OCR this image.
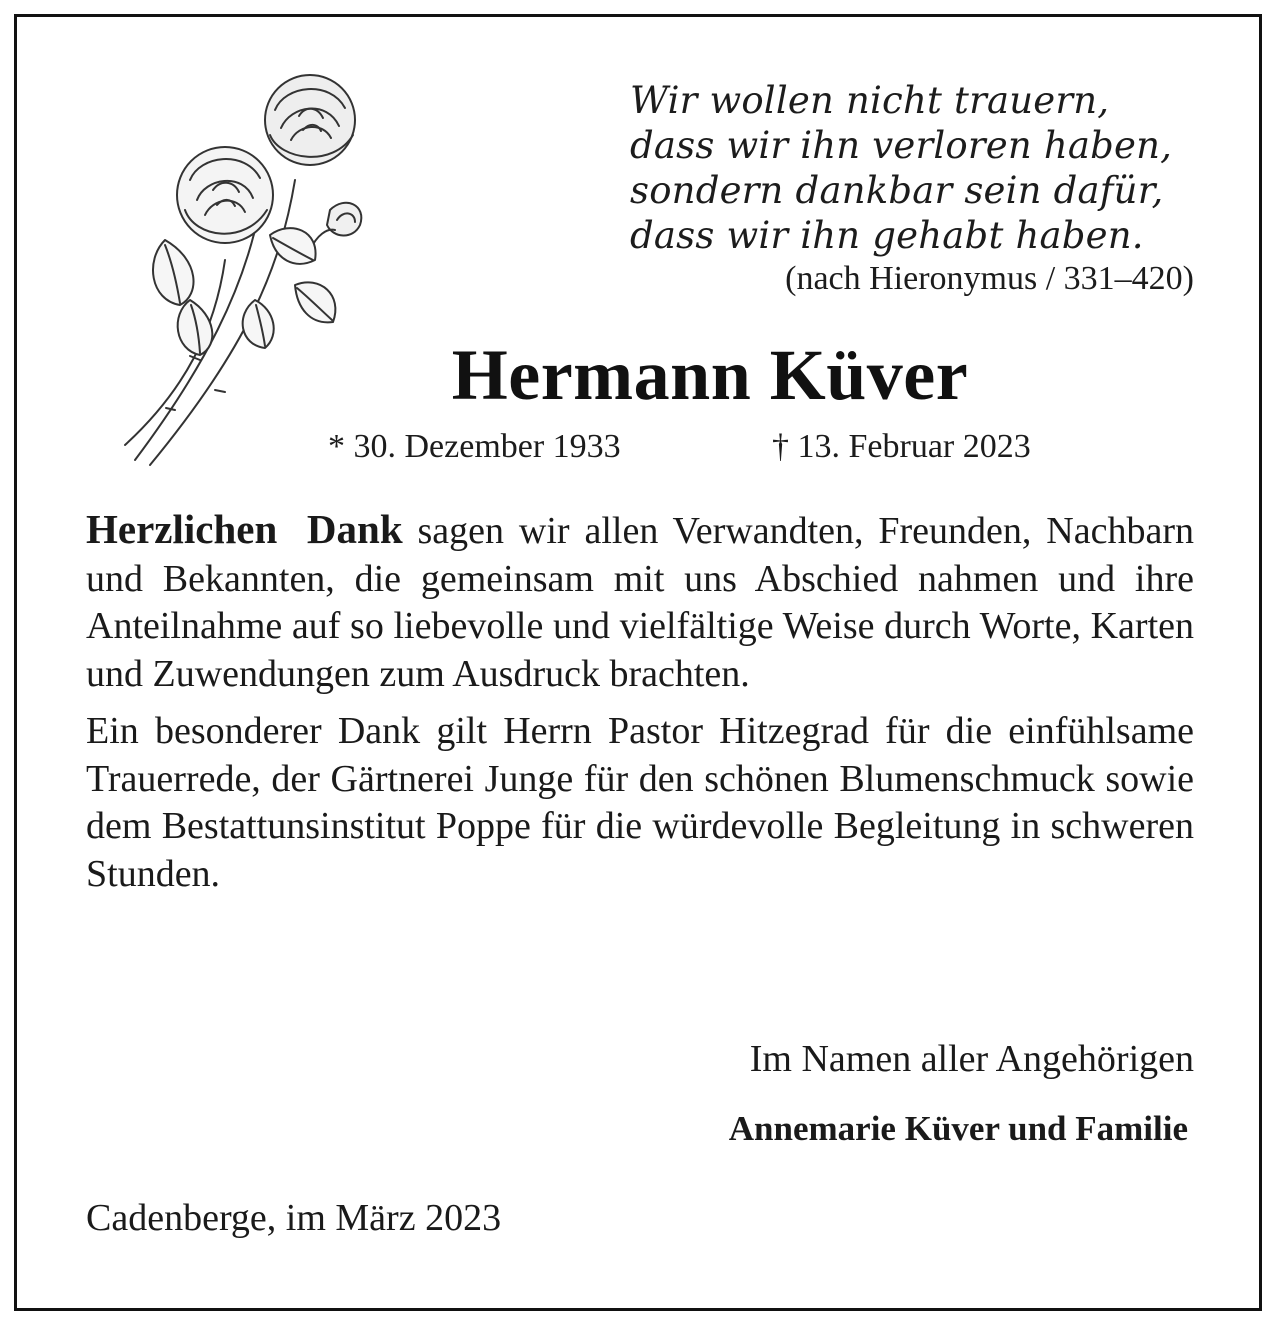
Wir wollen nicht trauern,
dass wir ihn verloren haben,
sondern dankbar sein dafür,
dass wir ihn gehabt haben.
(nach Hieronymus / 331–420)
Hermann Küver
* 30. Dezember 1933	† 13. Februar 2023

Herzlichen Dank sagen wir allen Verwandten, Freunden, Nachbarn und Bekannten, die gemeinsam mit uns Abschied nahmen und ihre Anteilnahme auf so liebevolle und vielfältige Weise durch Worte, Karten und Zuwendungen zum Ausdruck brachten.

Ein besonderer Dank gilt Herrn Pastor Hitzegrad für die einfühlsame Trauerrede, der Gärtnerei Junge für den schönen Blumenschmuck sowie dem Bestattunsinstitut Poppe für die würdevolle Begleitung in schweren Stunden.

Im Namen aller Angehörigen
Annemarie Küver und Familie
Cadenberge, im März 2023
